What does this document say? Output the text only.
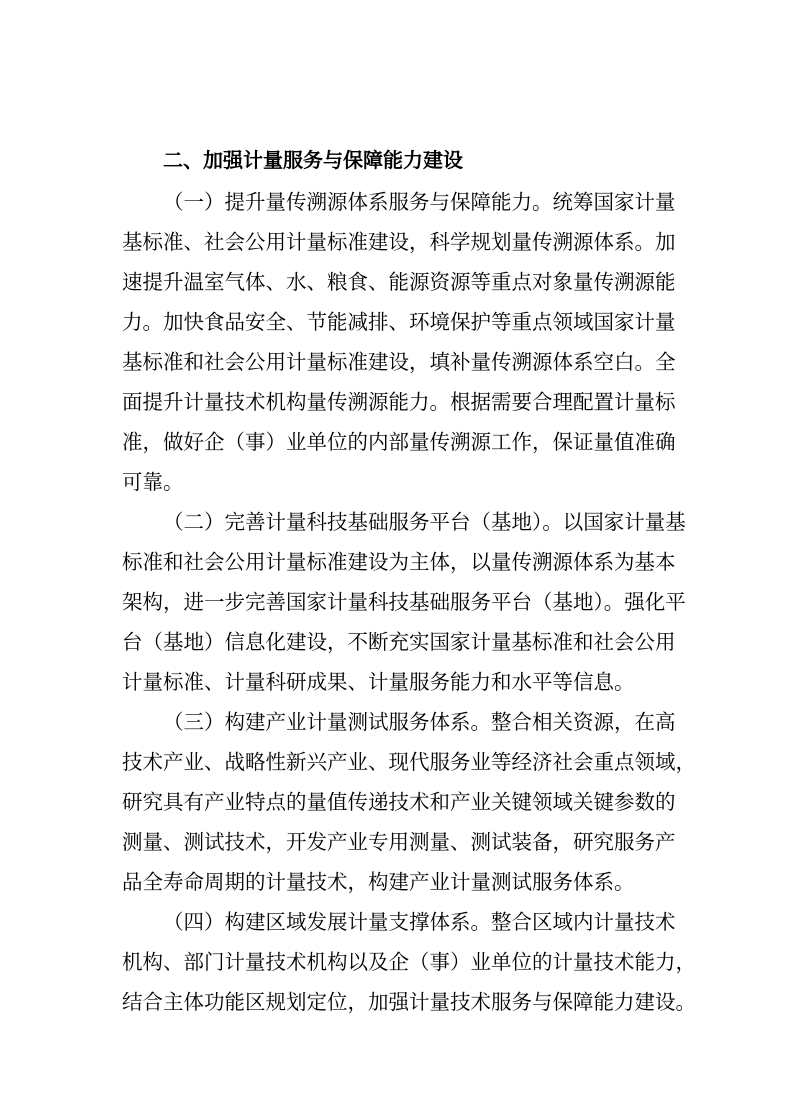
二、加强计量服务与保障能力建设
（一）提升量传溯源体系服务与保障能力。统筹国家计量
基标准、社会公用计量标准建设，科学规划量传溯源体系。加
速提升温室气体、水、粮食、能源资源等重点对象量传溯源能
力。加快食品安全、节能减排、环境保护等重点领域国家计量
基标准和社会公用计量标准建设，填补量传溯源体系空白。全
面提升计量技术机构量传溯源能力。根据需要合理配置计量标
准，做好企（事）业单位的内部量传溯源工作，保证量值准确
可靠。
（二）完善计量科技基础服务平台（基地）。以国家计量基
标准和社会公用计量标准建设为主体，以量传溯源体系为基本
架构，进一步完善国家计量科技基础服务平台（基地）。强化平
台（基地）信息化建设，不断充实国家计量基标准和社会公用
计量标准、计量科研成果、计量服务能力和水平等信息。
（三）构建产业计量测试服务体系。整合相关资源，在高
技术产业、战略性新兴产业、现代服务业等经济社会重点领域，
研究具有产业特点的量值传递技术和产业关键领域关键参数的
测量、测试技术，开发产业专用测量、测试装备，研究服务产
品全寿命周期的计量技术，构建产业计量测试服务体系。
（四）构建区域发展计量支撑体系。整合区域内计量技术
机构、部门计量技术机构以及企（事）业单位的计量技术能力，
结合主体功能区规划定位，加强计量技术服务与保障能力建设。
